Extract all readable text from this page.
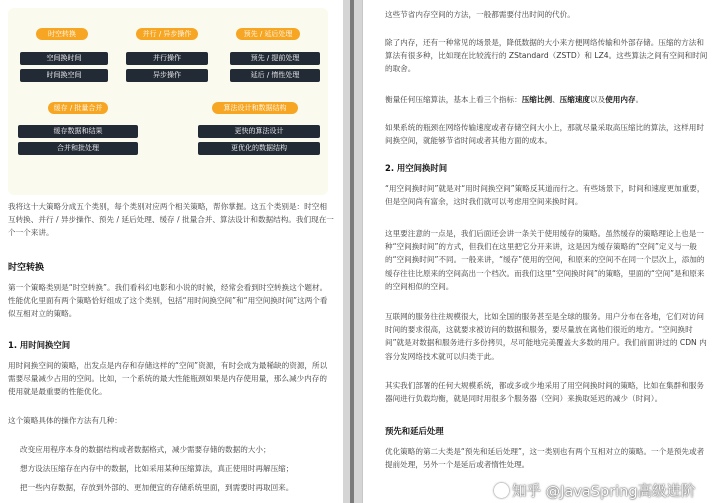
时空转换
空间换时间
时间换空间
并行 / 异步操作
并行操作
异步操作
预先 / 延后处理
预先 / 提前处理
延后 / 惰性处理
缓存 / 批量合并
缓存数据和结果
合并和批处理
算法设计和数据结构
更快的算法设计
更优化的数据结构
我将这十大策略分成五个类别，每个类别对应两个相关策略，帮你掌握。这五个类别是：时空相互转换、并行 / 异步操作、预先 / 延后处理、缓存 / 批量合并、算法设计和数据结构。我们现在一个一个来讲。
时空转换
第一个策略类别是“时空转换”。我们看科幻电影和小说的时候，经常会看到时空转换这个题材。性能优化里面有两个策略恰好组成了这个类别，包括“用时间换空间”和“用空间换时间”这两个看似互相对立的策略。
1. 用时间换空间
用时间换空间的策略，出发点是内存和存储这样的“空间”资源，有时会成为最稀缺的资源，所以需要尽量减少占用的空间。比如，一个系统的最大性能瓶颈如果是内存使用量，那么减少内存的使用就是最重要的性能优化。
这个策略具体的操作方法有几种：
改变应用程序本身的数据结构或者数据格式，减少需要存储的数据的大小；
想方设法压缩存在内存中的数据，比如采用某种压缩算法，真正使用时再解压缩；
把一些内存数据，存放到外部的、更加便宜的存储系统里面，到需要时再取回来。
这些节省内存空间的方法，一般都需要付出时间的代价。
除了内存，还有一种常见的场景是，降低数据的大小来方便网络传输和外部存储。压缩的方法和算法有很多种，比如现在比较流行的 ZStandard（ZSTD）和 LZ4。这些算法之间有空间和时间的取舍。
衡量任何压缩算法，基本上看三个指标：压缩比例、压缩速度以及使用内存。
如果系统的瓶颈在网络传输速度或者存储空间大小上，那就尽量采取高压缩比的算法，这样用时间换空间，就能够节省时间或者其他方面的成本。
2. 用空间换时间
“用空间换时间”就是对“用时间换空间”策略反其道而行之。有些场景下，时间和速度更加重要，但是空间尚有富余，这时我们就可以考虑用空间来换时间。
这里要注意的一点是，我们后面还会讲一条关于使用缓存的策略。虽然缓存的策略理论上也是一种“空间换时间”的方式，但我们在这里把它分开来讲，这是因为缓存策略的“空间”定义与一般的“空间换时间”不同。一般来讲，“缓存”使用的空间，和原来的空间不在同一个层次上，添加的缓存往往比原来的空间高出一个档次。而我们这里“空间换时间”的策略，里面的“空间”是和原来的空间相似的空间。
互联网的服务往往规模很大，比如全国的服务甚至是全球的服务。用户分布在各地，它们对访问时间的要求很高，这就要求被访问的数据和服务，要尽量放在离他们很近的地方。“空间换时间”就是对数据和服务进行多份拷贝，尽可能地完美覆盖大多数的用户。我们前面讲过的 CDN 内容分发网络技术就可以归类于此。
其实我们部署的任何大规模系统，都或多或少地采用了用空间换时间的策略，比如在集群和服务器间进行负载均衡，就是同时用很多个服务器（空间）来换取延迟的减少（时间）。
预先和延后处理
优化策略的第二大类是“预先和延后处理”，这一类别也有两个互相对立的策略。一个是预先或者提前处理，另外一个是延后或者惰性处理。
知乎 @JavaSpring高级进阶
